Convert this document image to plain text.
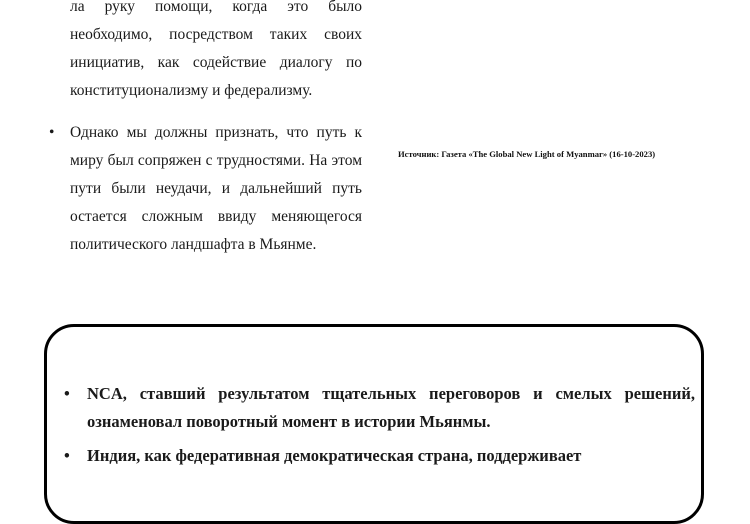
ла руку помощи, когда это было необходимо, посредством таких своих инициатив, как содействие диалогу по конституционализму и федерализму.

• Однако мы должны признать, что путь к миру был сопряжен с трудностями. На этом пути были неудачи, и дальнейший путь остается сложным ввиду меняющегося политического ландшафта в Мьянме.
Источник: Газета «The Global New Light of Myanmar» (16-10-2023)
• NCA, ставший результатом тщательных переговоров и смелых решений, ознаменовал поворотный момент в истории Мьянмы.
• Индия, как федеративная демократическая страна, поддерживает
